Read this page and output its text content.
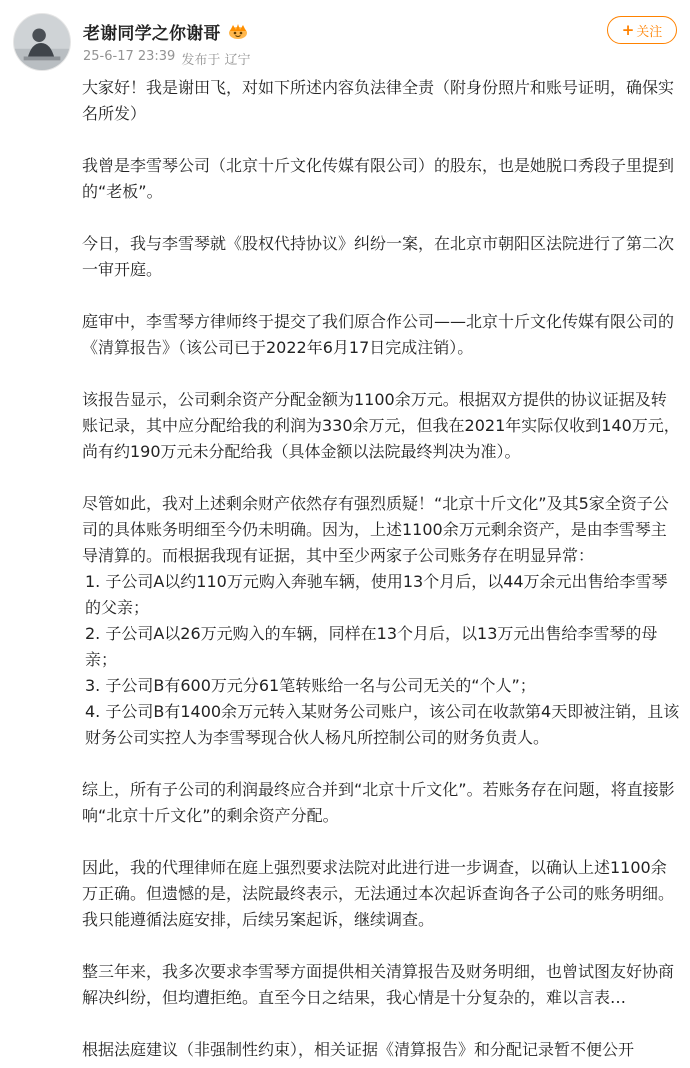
老谢同学之你谢哥
25-6-17 23:39 发布于 辽宁
+ 关注

大家好！我是谢田飞，对如下所述内容负法律全责（附身份照片和账号证明，确保实名所发）

我曾是李雪琴公司（北京十斤文化传媒有限公司）的股东，也是她脱口秀段子里提到的“老板”。

今日，我与李雪琴就《股权代持协议》纠纷一案，在北京市朝阳区法院进行了第二次一审开庭。

庭审中，李雪琴方律师终于提交了我们原合作公司——北京十斤文化传媒有限公司的《清算报告》（该公司已于2022年6月17日完成注销）。

该报告显示，公司剩余资产分配金额为1100余万元。根据双方提供的协议证据及转账记录，其中应分配给我的利润为330余万元，但我在2021年实际仅收到140万元，尚有约190万元未分配给我（具体金额以法院最终判决为准）。

尽管如此，我对上述剩余财产依然存有强烈质疑！“北京十斤文化”及其5家全资子公司的具体账务明细至今仍未明确。因为，上述1100余万元剩余资产，是由李雪琴主导清算的。而根据我现有证据，其中至少两家子公司账务存在明显异常：

1. 子公司A以约110万元购入奔驰车辆，使用13个月后，以44万余元出售给李雪琴的父亲；

2. 子公司A以26万元购入的车辆，同样在13个月后，以13万元出售给李雪琴的母亲；

3. 子公司B有600万元分61笔转账给一名与公司无关的“个人”；

4. 子公司B有1400余万元转入某财务公司账户，该公司在收款第4天即被注销，且该财务公司实控人为李雪琴现合伙人杨凡所控制公司的财务负责人。

综上，所有子公司的利润最终应合并到“北京十斤文化”。若账务存在问题，将直接影响“北京十斤文化”的剩余资产分配。

因此，我的代理律师在庭上强烈要求法院对此进行进一步调查，以确认上述1100余万正确。但遗憾的是，法院最终表示，无法通过本次起诉查询各子公司的账务明细。我只能遵循法庭安排，后续另案起诉，继续调查。

整三年来，我多次要求李雪琴方面提供相关清算报告及财务明细，也曾试图友好协商解决纠纷，但均遭拒绝。直至今日之结果，我心情是十分复杂的，难以言表…

根据法庭建议（非强制性约束），相关证据《清算报告》和分配记录暂不便公开
